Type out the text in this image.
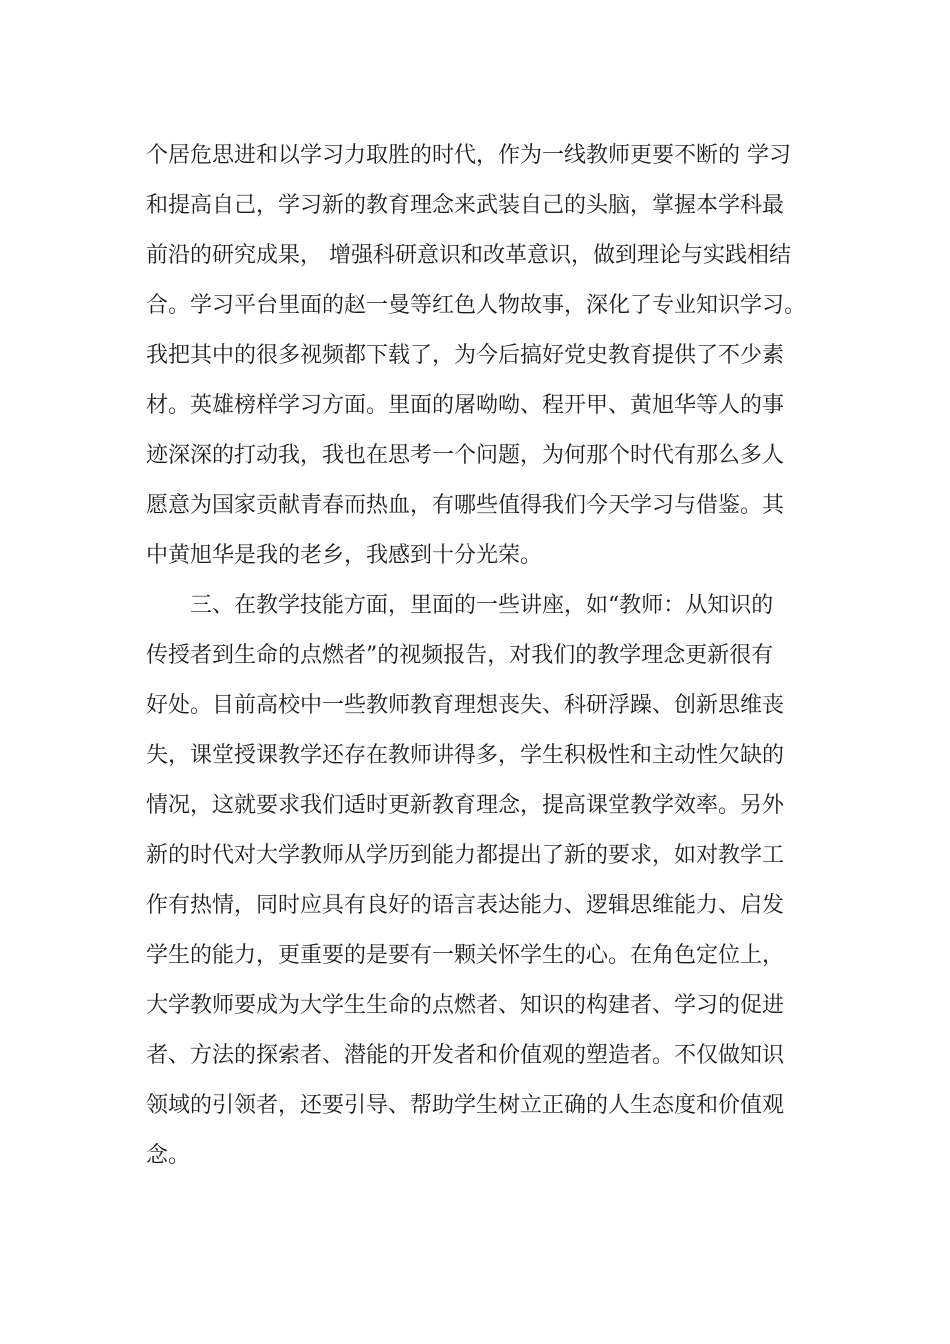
个居危思进和以学习力取胜的时代，作为一线教师更要不断的 学习
和提高自己，学习新的教育理念来武装自己的头脑，掌握本学科最
前沿的研究成果， 增强科研意识和改革意识，做到理论与实践相结
合。学习平台里面的赵一曼等红色人物故事，深化了专业知识学习。
我把其中的很多视频都下载了，为今后搞好党史教育提供了不少素
材。英雄榜样学习方面。里面的屠呦呦、程开甲、黄旭华等人的事
迹深深的打动我，我也在思考一个问题，为何那个时代有那么多人
愿意为国家贡献青春而热血，有哪些值得我们今天学习与借鉴。其
中黄旭华是我的老乡，我感到十分光荣。
　　三、在教学技能方面，里面的一些讲座，如“教师：从知识的
传授者到生命的点燃者”的视频报告，对我们的教学理念更新很有
好处。目前高校中一些教师教育理想丧失、科研浮躁、创新思维丧
失，课堂授课教学还存在教师讲得多，学生积极性和主动性欠缺的
情况，这就要求我们适时更新教育理念，提高课堂教学效率。另外
新的时代对大学教师从学历到能力都提出了新的要求，如对教学工
作有热情，同时应具有良好的语言表达能力、逻辑思维能力、启发
学生的能力，更重要的是要有一颗关怀学生的心。在角色定位上，
大学教师要成为大学生生命的点燃者、知识的构建者、学习的促进
者、方法的探索者、潜能的开发者和价值观的塑造者。不仅做知识
领域的引领者，还要引导、帮助学生树立正确的人生态度和价值观
念。
